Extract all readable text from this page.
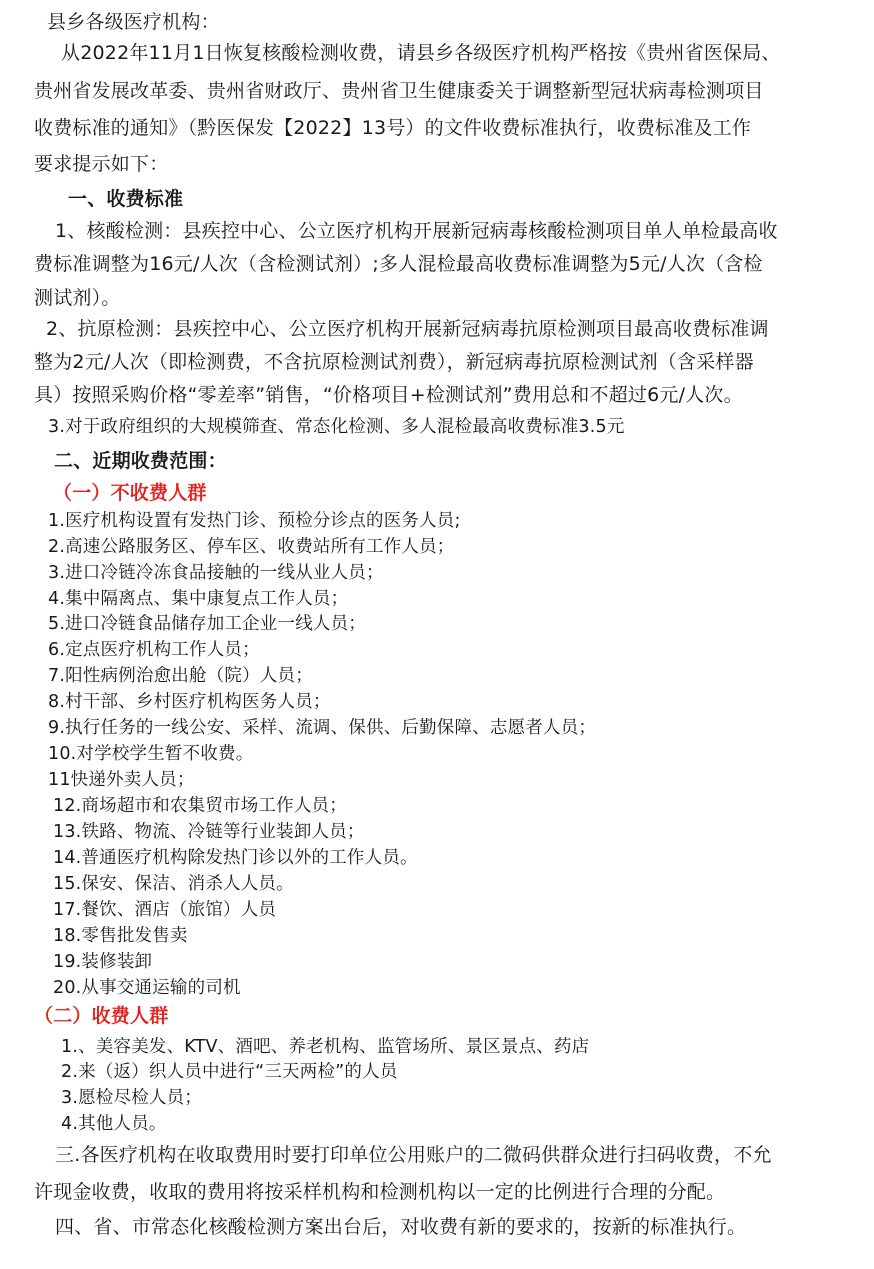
县乡各级医疗机构：
从2022年11月1日恢复核酸检测收费，请县乡各级医疗机构严格按《贵州省医保局、
贵州省发展改革委、贵州省财政厅、贵州省卫生健康委关于调整新型冠状病毒检测项目
收费标准的通知》（黔医保发【2022】13号）的文件收费标准执行，收费标准及工作
要求提示如下：
一、收费标准
1、核酸检测：县疾控中心、公立医疗机构开展新冠病毒核酸检测项目单人单检最高收
费标准调整为16元/人次（含检测试剂）;多人混检最高收费标准调整为5元/人次（含检
测试剂）。
2、抗原检测：县疾控中心、公立医疗机构开展新冠病毒抗原检测项目最高收费标准调
整为2元/人次（即检测费，不含抗原检测试剂费），新冠病毒抗原检测试剂（含采样器
具）按照采购价格“零差率”销售，“价格项目+检测试剂”费用总和不超过6元/人次。
3.对于政府组织的大规模筛查、常态化检测、多人混检最高收费标准3.5元
二、近期收费范围：
（一）不收费人群
1.医疗机构设置有发热门诊、预检分诊点的医务人员;
2.高速公路服务区、停车区、收费站所有工作人员；
3.进口冷链冷冻食品接触的一线从业人员；
4.集中隔离点、集中康复点工作人员；
5.进口冷链食品储存加工企业一线人员；
6.定点医疗机构工作人员；
7.阳性病例治愈出舱（院）人员；
8.村干部、乡村医疗机构医务人员；
9.执行任务的一线公安、采样、流调、保供、后勤保障、志愿者人员；
10.对学校学生暂不收费。
11快递外卖人员；
12.商场超市和农集贸市场工作人员；
13.铁路、物流、冷链等行业装卸人员；
14.普通医疗机构除发热门诊以外的工作人员。
15.保安、保洁、消杀人人员。
17.餐饮、酒店（旅馆）人员
18.零售批发售卖
19.装修装卸
20.从事交通运输的司机
（二）收费人群
1.、美容美发、KTV、酒吧、养老机构、监管场所、景区景点、药店
2.来（返）织人员中进行“三天两检”的人员
3.愿检尽检人员；
4.其他人员。
三.各医疗机构在收取费用时要打印单位公用账户的二微码供群众进行扫码收费，不允
许现金收费，收取的费用将按采样机构和检测机构以一定的比例进行合理的分配。
四、省、市常态化核酸检测方案出台后，对收费有新的要求的，按新的标准执行。
